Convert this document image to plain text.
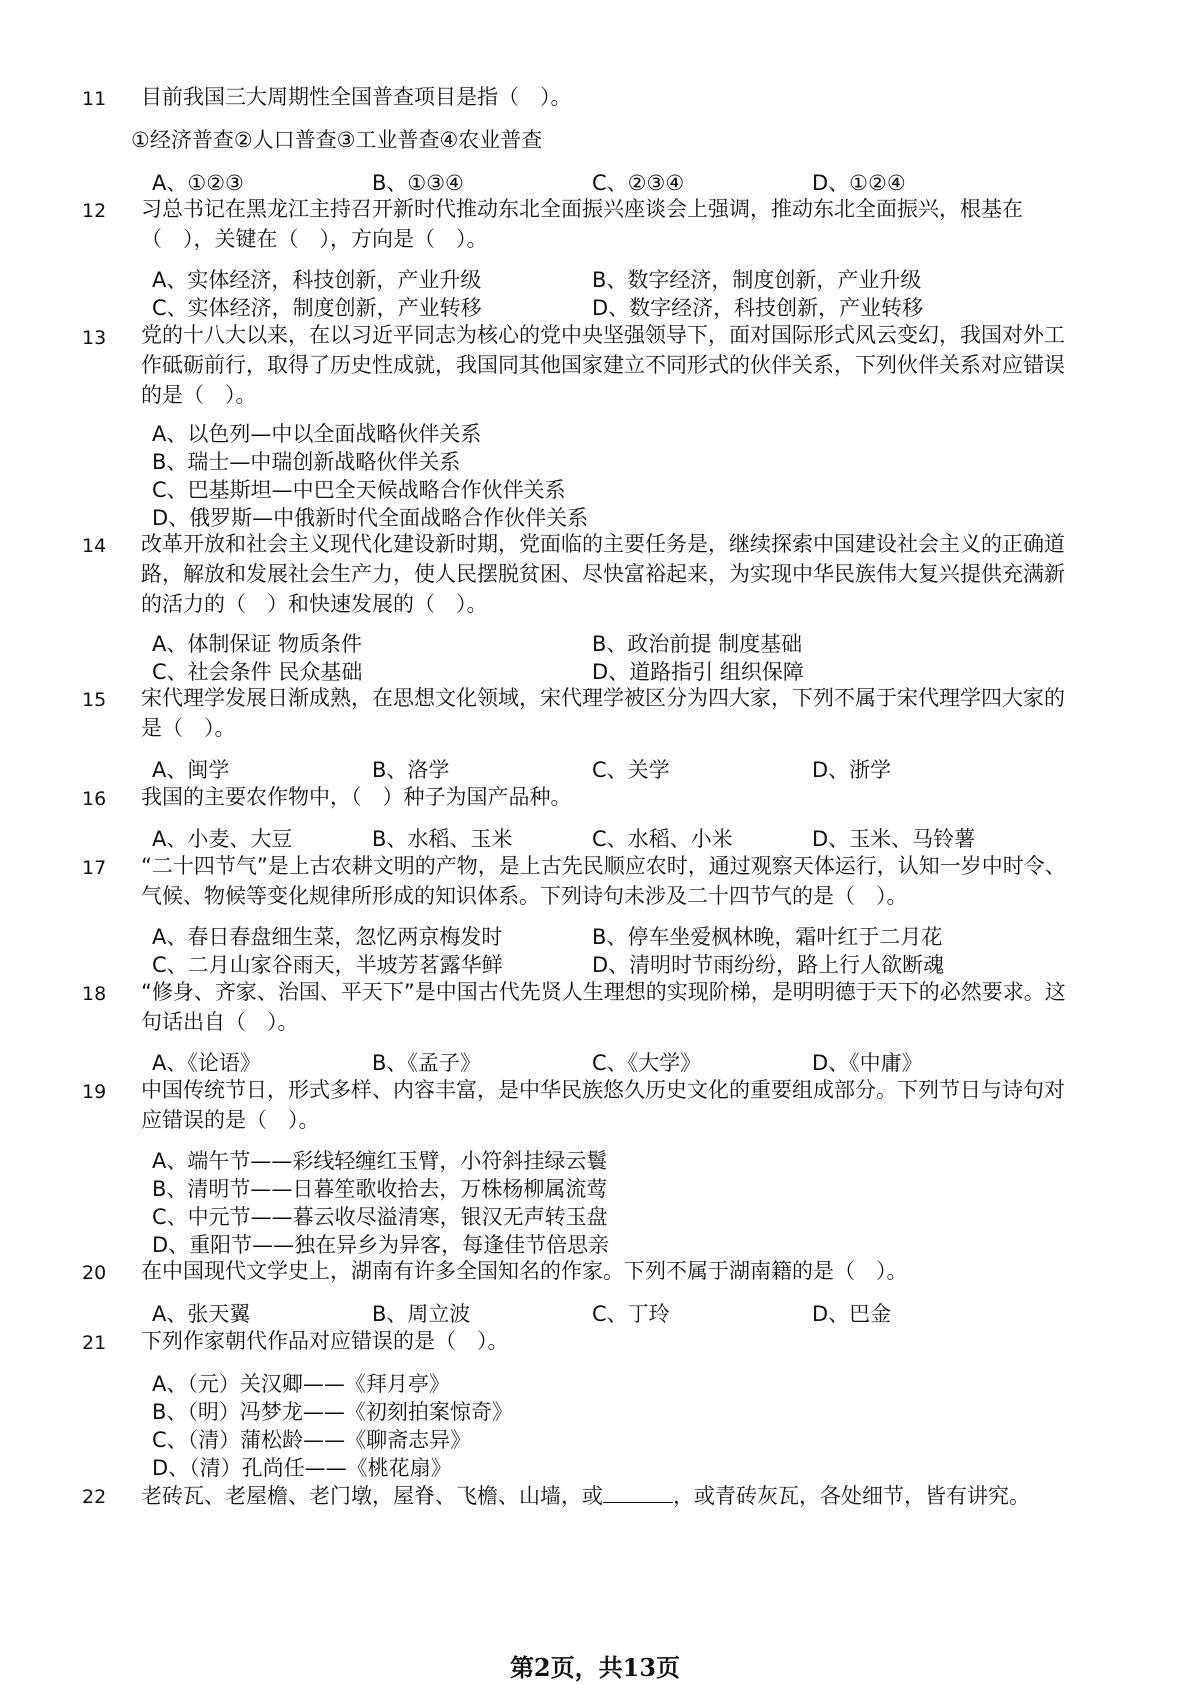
11 目前我国三大周期性全国普查项目是指（　）。
①经济普查②人口普查③工业普查④农业普查
A、①②③	B、①③④	C、②③④	D、①②④
12 习总书记在黑龙江主持召开新时代推动东北全面振兴座谈会上强调，推动东北全面振兴，根基在（　），关键在（　），方向是（　）。
A、实体经济，科技创新，产业升级	B、数字经济，制度创新，产业升级
C、实体经济，制度创新，产业转移	D、数字经济，科技创新，产业转移
13 党的十八大以来，在以习近平同志为核心的党中央坚强领导下，面对国际形式风云变幻，我国对外工作砥砺前行，取得了历史性成就，我国同其他国家建立不同形式的伙伴关系，下列伙伴关系对应错误的是（　）。
A、以色列—中以全面战略伙伴关系
B、瑞士—中瑞创新战略伙伴关系
C、巴基斯坦—中巴全天候战略合作伙伴关系
D、俄罗斯—中俄新时代全面战略合作伙伴关系
14 改革开放和社会主义现代化建设新时期，党面临的主要任务是，继续探索中国建设社会主义的正确道路，解放和发展社会生产力，使人民摆脱贫困、尽快富裕起来，为实现中华民族伟大复兴提供充满新的活力的（　）和快速发展的（　）。
A、体制保证 物质条件	B、政治前提 制度基础
C、社会条件 民众基础	D、道路指引 组织保障
15 宋代理学发展日渐成熟，在思想文化领域，宋代理学被区分为四大家，下列不属于宋代理学四大家的是（　）。
A、闽学	B、洛学	C、关学	D、浙学
16 我国的主要农作物中，（　）种子为国产品种。
A、小麦、大豆	B、水稻、玉米	C、水稻、小米	D、玉米、马铃薯
17 “二十四节气”是上古农耕文明的产物，是上古先民顺应农时，通过观察天体运行，认知一岁中时令、气候、物候等变化规律所形成的知识体系。下列诗句未涉及二十四节气的是（　）。
A、春日春盘细生菜，忽忆两京梅发时	B、停车坐爱枫林晚，霜叶红于二月花
C、二月山家谷雨天，半坡芳茗露华鲜	D、清明时节雨纷纷，路上行人欲断魂
18 “修身、齐家、治国、平天下”是中国古代先贤人生理想的实现阶梯，是明明德于天下的必然要求。这句话出自（　）。
A、《论语》	B、《孟子》	C、《大学》	D、《中庸》
19 中国传统节日，形式多样、内容丰富，是中华民族悠久历史文化的重要组成部分。下列节日与诗句对应错误的是（　）。
A、端午节——彩线轻缠红玉臂，小符斜挂绿云鬟
B、清明节——日暮笙歌收拾去，万株杨柳属流莺
C、中元节——暮云收尽溢清寒，银汉无声转玉盘
D、重阳节——独在异乡为异客，每逢佳节倍思亲
20 在中国现代文学史上，湖南有许多全国知名的作家。下列不属于湖南籍的是（　）。
A、张天翼	B、周立波	C、丁玲	D、巴金
21 下列作家朝代作品对应错误的是（　）。
A、（元）关汉卿——《拜月亭》
B、（明）冯梦龙——《初刻拍案惊奇》
C、（清）蒲松龄——《聊斋志异》
D、（清）孔尚任——《桃花扇》
22 老砖瓦、老屋檐、老门墩，屋脊、飞檐、山墙，或	，或青砖灰瓦，各处细节，皆有讲究。
第2页，共13页
